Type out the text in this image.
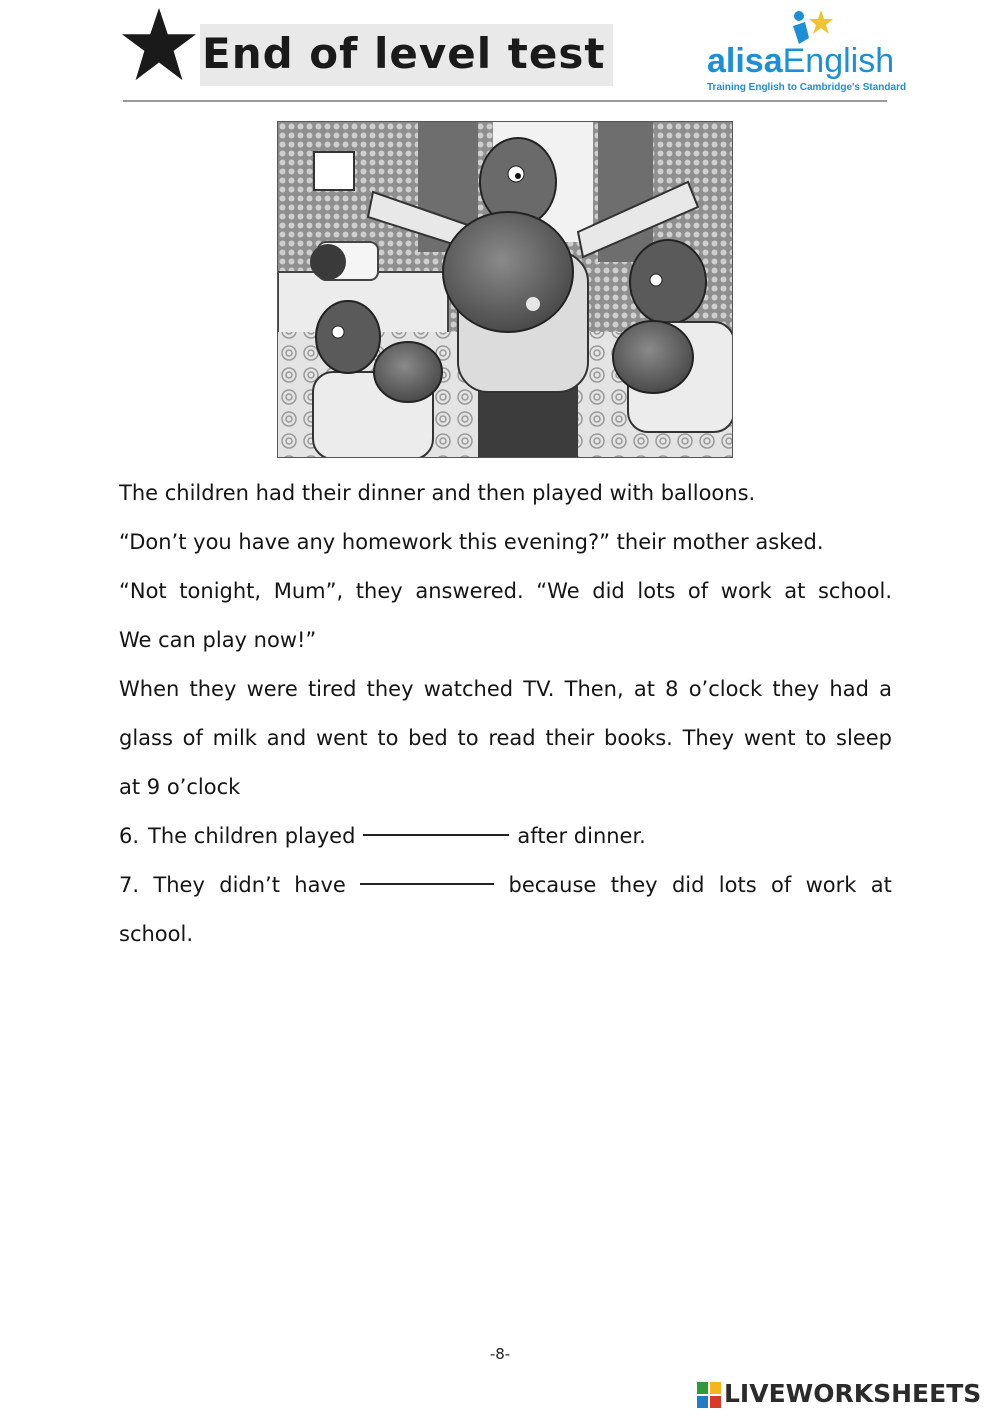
End of level test	alisaEnglish
Training English to Cambridge's Standard
The children had their dinner and then played with balloons.
“Don’t you have any homework this evening?” their mother asked.
“Not tonight, Mum”, they answered. “We did lots of work at school.
We can play now!”
When they were tired they watched TV. Then, at 8 o’clock they had a
glass of milk and went to bed to read their books. They went to sleep
at 9 o’clock
6. The children played	after dinner.
7. They didn’t have	because they did lots of work at
school.
-8-
LIVEWORKSHEETS
